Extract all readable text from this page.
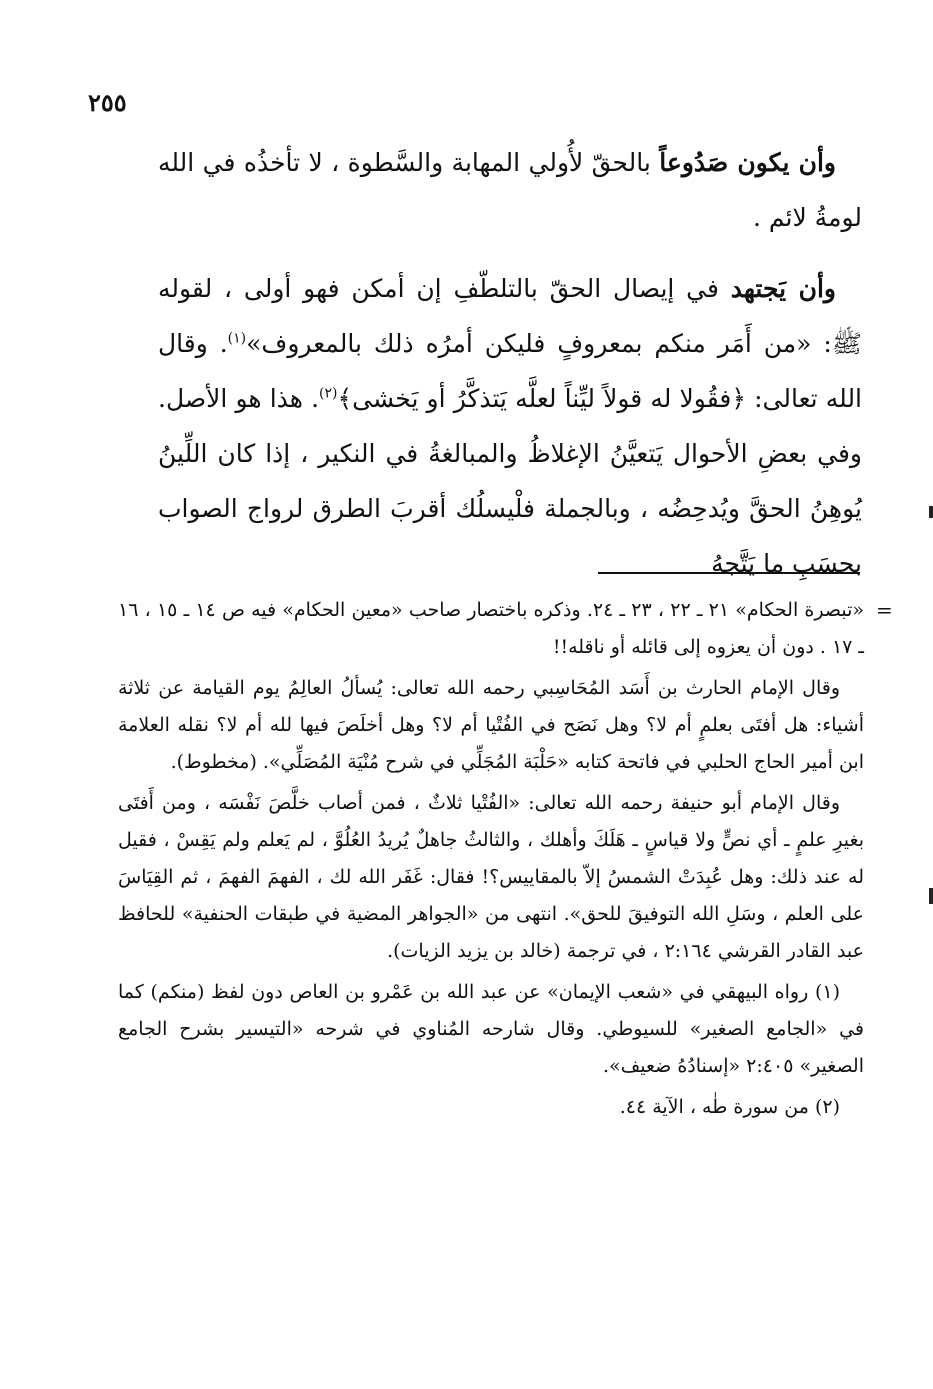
٢٥٥

وأن يكون صَدُوعاً بالحقّ لأُولي المهابة والسَّطوة ، لا تأخذُه في الله لومةُ لائم .

وأن يَجتهد في إيصال الحقّ بالتلطّفِ إن أمكن فهو أولى ، لقوله ﷺ: «من أَمَر منكم بمعروفٍ فليكن أمرُه ذلك بالمعروف»$^{(١)}$. وقال الله تعالى: ﴿فقُولا له قولاً ليِّناً لعلَّه يَتذكَّرُ أو يَخشى﴾$^{(٢)}$. هذا هو الأصل. وفي بعضِ الأحوال يَتعيَّنُ الإغلاظُ والمبالغةُ في النكير ، إذا كان اللِّينُ يُوهِنُ الحقَّ ويُدحِضُه ، وبالجملة فلْيسلُك أقربَ الطرق لرواج الصواب بحسَبِ ما يَتَّجهُ

=

«تبصرة الحكام» ٢١ ـ ٢٢ ، ٢٣ ـ ٢٤. وذكره باختصار صاحب «معين الحكام» فيه ص ١٤ ـ ١٥ ، ١٦ ـ ١٧ . دون أن يعزوه إلى قائله أو ناقله!!

وقال الإمام الحارث بن أَسَد المُحَاسِبي رحمه الله تعالى: يُسألُ العالِمُ يوم القيامة عن ثلاثة أشياء: هل أفتَى بعلمٍ أم لا؟ وهل نَصَح في الفُتْيا أم لا؟ وهل أخلَصَ فيها لله أم لا؟ نقله العلامة ابن أمير الحاج الحلبي في فاتحة كتابه «حَلْبَة المُجَلِّي في شرح مُنْيَة المُصَلِّي». (مخطوط).

وقال الإمام أبو حنيفة رحمه الله تعالى: «الفُتْيا ثلاثٌ ، فمن أصاب خلَّصَ نَفْسَه ، ومن أَفتَى بغيرِ علمٍ ـ أي نصٍّ ولا قياسٍ ـ هَلَكَ وأهلك ، والثالثُ جاهلٌ يُريدُ العُلُوَّ ، لم يَعلم ولم يَقِسْ ، فقيل له عند ذلك: وهل عُبِدَتْ الشمسُ إلاّ بالمقاييس؟! فقال: غَفَر الله لك ، الفهمَ الفهمَ ، ثم القِيَاسَ على العلم ، وسَلِ الله التوفيقَ للحق». انتهى من «الجواهر المضية في طبقات الحنفية» للحافظ عبد القادر القرشي ٢:١٦٤ ، في ترجمة (خالد بن يزيد الزيات).

(١) رواه البيهقي في «شعب الإيمان» عن عبد الله بن عَمْرو بن العاص دون لفظ (منكم) كما في «الجامع الصغير» للسيوطي. وقال شارحه المُناوي في شرحه «التيسير بشرح الجامع الصغير» ٢:٤٠٥ «إسنادُهُ ضعيف».

(٢) من سورة طٰه ، الآية ٤٤.
